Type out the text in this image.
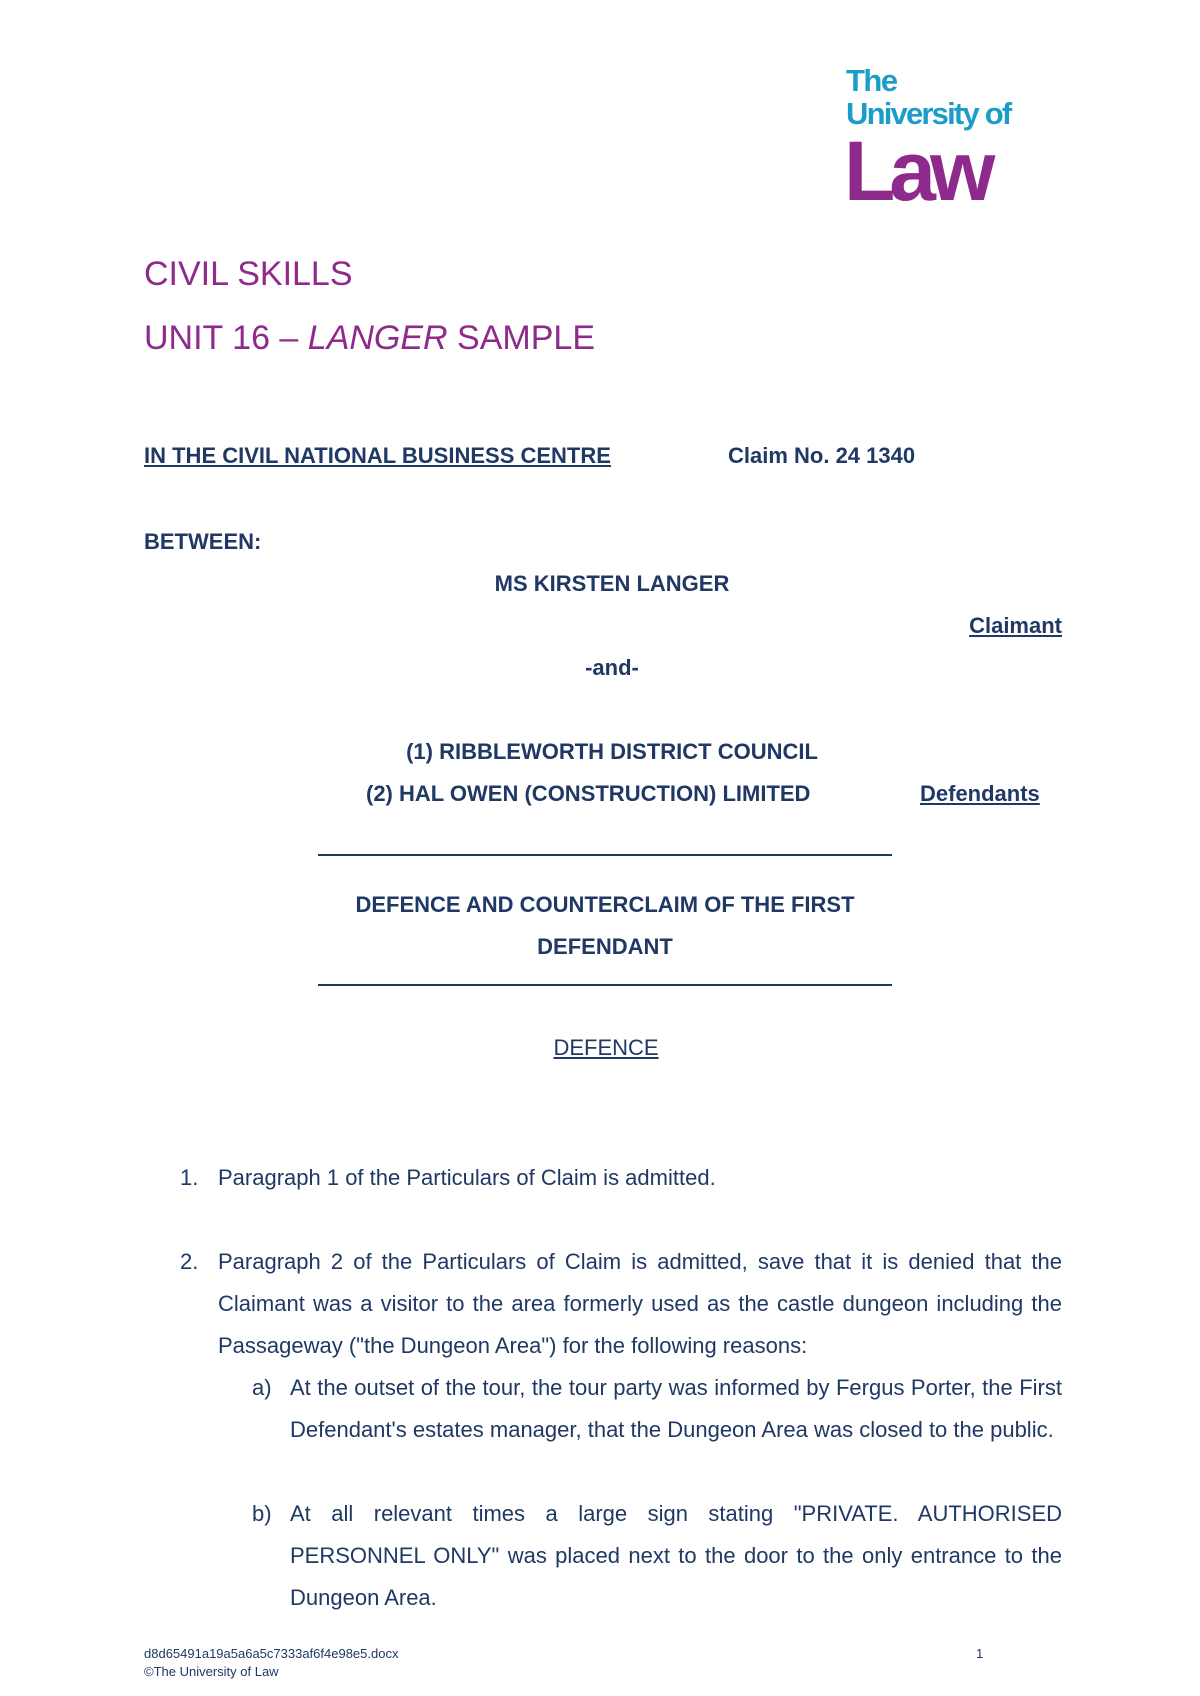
The
University of
Law
CIVIL SKILLS
UNIT 16 – LANGER SAMPLE
IN THE CIVIL NATIONAL BUSINESS CENTRE	Claim No. 24 1340
BETWEEN:
MS KIRSTEN LANGER
Claimant
-and-
(1) RIBBLEWORTH DISTRICT COUNCIL
(2) HAL OWEN (CONSTRUCTION) LIMITED	Defendants
DEFENCE AND COUNTERCLAIM OF THE FIRST DEFENDANT
DEFENCE
1. Paragraph 1 of the Particulars of Claim is admitted.
2. Paragraph 2 of the Particulars of Claim is admitted, save that it is denied that the Claimant was a visitor to the area formerly used as the castle dungeon including the Passageway ("the Dungeon Area") for the following reasons:
a) At the outset of the tour, the tour party was informed by Fergus Porter, the First Defendant's estates manager, that the Dungeon Area was closed to the public.
b) At all relevant times a large sign stating "PRIVATE. AUTHORISED PERSONNEL ONLY" was placed next to the door to the only entrance to the Dungeon Area.
d8d65491a19a5a6a5c7333af6f4e98e5.docx
©The University of Law
1
